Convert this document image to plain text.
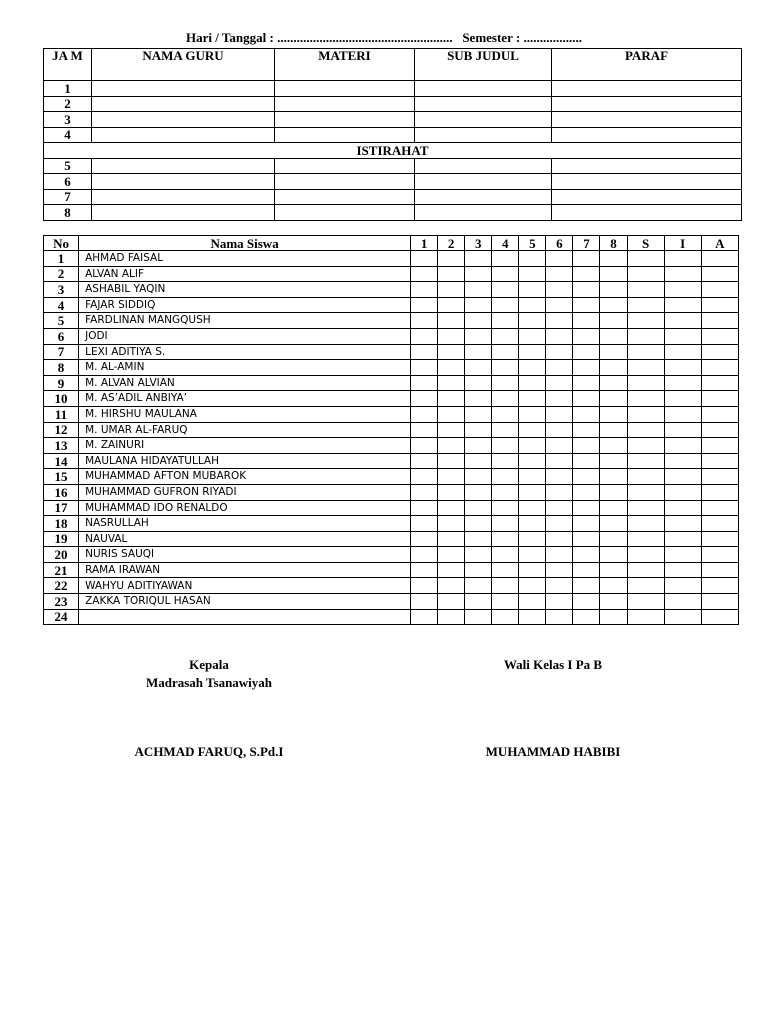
Hari / Tanggal : ......................................................   Semester : ..................
JA M	NAMA GURU	MATERI	SUB JUDUL	PARAF
1				
2				
3				
4				
ISTIRAHAT				
5				
6				
7				
8				
No	Nama Siswa	1	2	3	4	5	6	7	8	S	I	A
1	AHMAD FAISAL											
2	ALVAN ALIF											
3	ASHABIL YAQIN											
4	FAJAR SIDDIQ											
5	FARDLINAN MANGQUSH											
6	JODI											
7	LEXI ADITIYA S.											
8	M. AL-AMIN											
9	M. ALVAN ALVIAN											
10	M. AS’ADIL ANBIYA’											
11	M. HIRSHU MAULANA											
12	M. UMAR AL-FARUQ											
13	M. ZAINURI											
14	MAULANA HIDAYATULLAH											
15	MUHAMMAD AFTON MUBAROK											
16	MUHAMMAD GUFRON RIYADI											
17	MUHAMMAD IDO RENALDO											
18	NASRULLAH											
19	NAUVAL											
20	NURIS SAUQI											
21	RAMA IRAWAN											
22	WAHYU ADITIYAWAN											
23	ZAKKA TORIQUL HASAN											
24												
Kepala
Madrasah Tsanawiyah
Wali Kelas I Pa B
ACHMAD FARUQ, S.Pd.I	MUHAMMAD HABIBI
